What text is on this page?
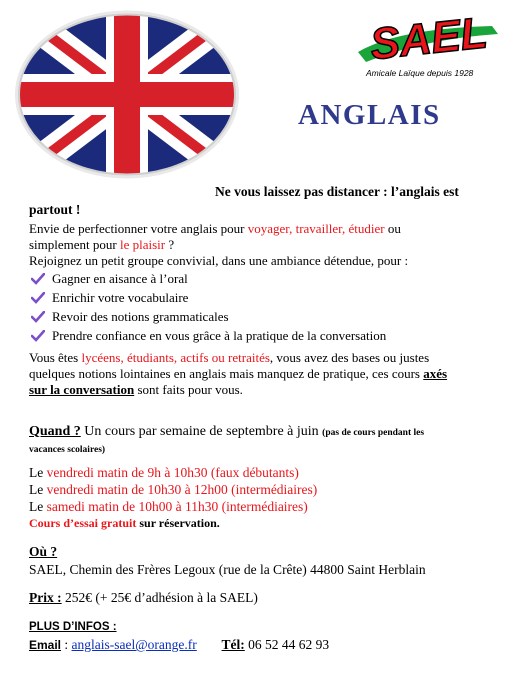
SAEL
Amicale Laïque depuis 1928
ANGLAIS
Ne vous laissez pas distancer : l’anglais est
partout !
Envie de perfectionner votre anglais pour voyager, travailler, étudier ou
simplement pour le plaisir ?
Rejoignez un petit groupe convivial, dans une ambiance détendue, pour :
Gagner en aisance à l’oral
Enrichir votre vocabulaire
Revoir des notions grammaticales
Prendre confiance en vous grâce à la pratique de la conversation
Vous êtes lycéens, étudiants, actifs ou retraités, vous avez des bases ou justes
quelques notions lointaines en anglais mais manquez de pratique, ces cours axés
sur la conversation sont faits pour vous.
Quand ? Un cours par semaine de septembre à juin (pas de cours pendant les
vacances scolaires)
Le vendredi matin de 9h à 10h30 (faux débutants)
Le vendredi matin de 10h30 à 12h00 (intermédiaires)
Le samedi matin de 10h00 à 11h30 (intermédiaires)
Cours d’essai gratuit sur réservation.
Où ?
SAEL, Chemin des Frères Legoux (rue de la Crête) 44800 Saint Herblain
Prix : 252€ (+ 25€ d’adhésion à la SAEL)
PLUS D’INFOS :
Email : anglais-sael@orange.fr Tél: 06 52 44 62 93
